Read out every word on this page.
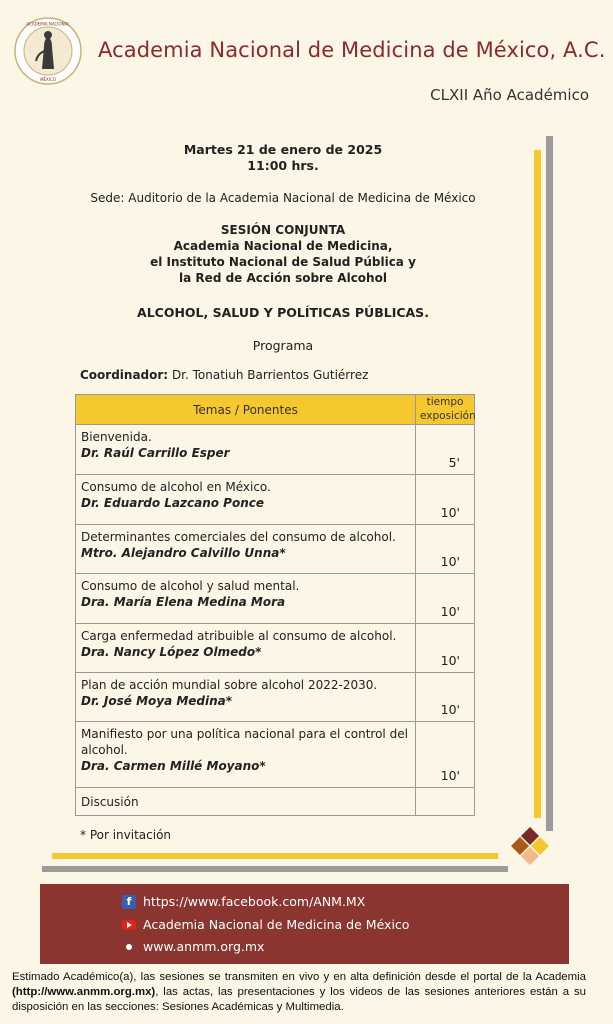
ACADEMIA NACIONAL
MÉXICO
Academia Nacional de Medicina de México, A.C.
CLXII Año Académico
Martes 21 de enero de 2025
11:00 hrs.
Sede: Auditorio de la Academia Nacional de Medicina de México
SESIÓN CONJUNTA
Academia Nacional de Medicina,
el Instituto Nacional de Salud Pública y
la Red de Acción sobre Alcohol
ALCOHOL, SALUD Y POLÍTICAS PÚBLICAS.
Programa
Coordinador: Dr. Tonatiuh Barrientos Gutiérrez
Temas / Ponentes	tiempo exposición

Bienvenida.
Dr. Raúl Carrillo Esper	5'

Consumo de alcohol en México.
Dr. Eduardo Lazcano Ponce	10'

Determinantes comerciales del consumo de alcohol.
Mtro. Alejandro Calvillo Unna*	10'

Consumo de alcohol y salud mental.
Dra. María Elena Medina Mora	10'

Carga enfermedad atribuible al consumo de alcohol.
Dra. Nancy López Olmedo*	10'

Plan de acción mundial sobre alcohol 2022-2030.
Dr. José Moya Medina*	10'

Manifiesto por una política nacional para el control del alcohol.
Dra. Carmen Millé Moyano*	10'

Discusión	

* Por invitación
f https://www.facebook.com/ANM.MX
Academia Nacional de Medicina de México
www.anmm.org.mx
Estimado Académico(a), las sesiones se transmiten en vivo y en alta definición desde el portal de la Academia (http://www.anmm.org.mx), las actas, las presentaciones y los videos de las sesiones anteriores están a su disposición en las secciones: Sesiones Académicas y Multimedia.
